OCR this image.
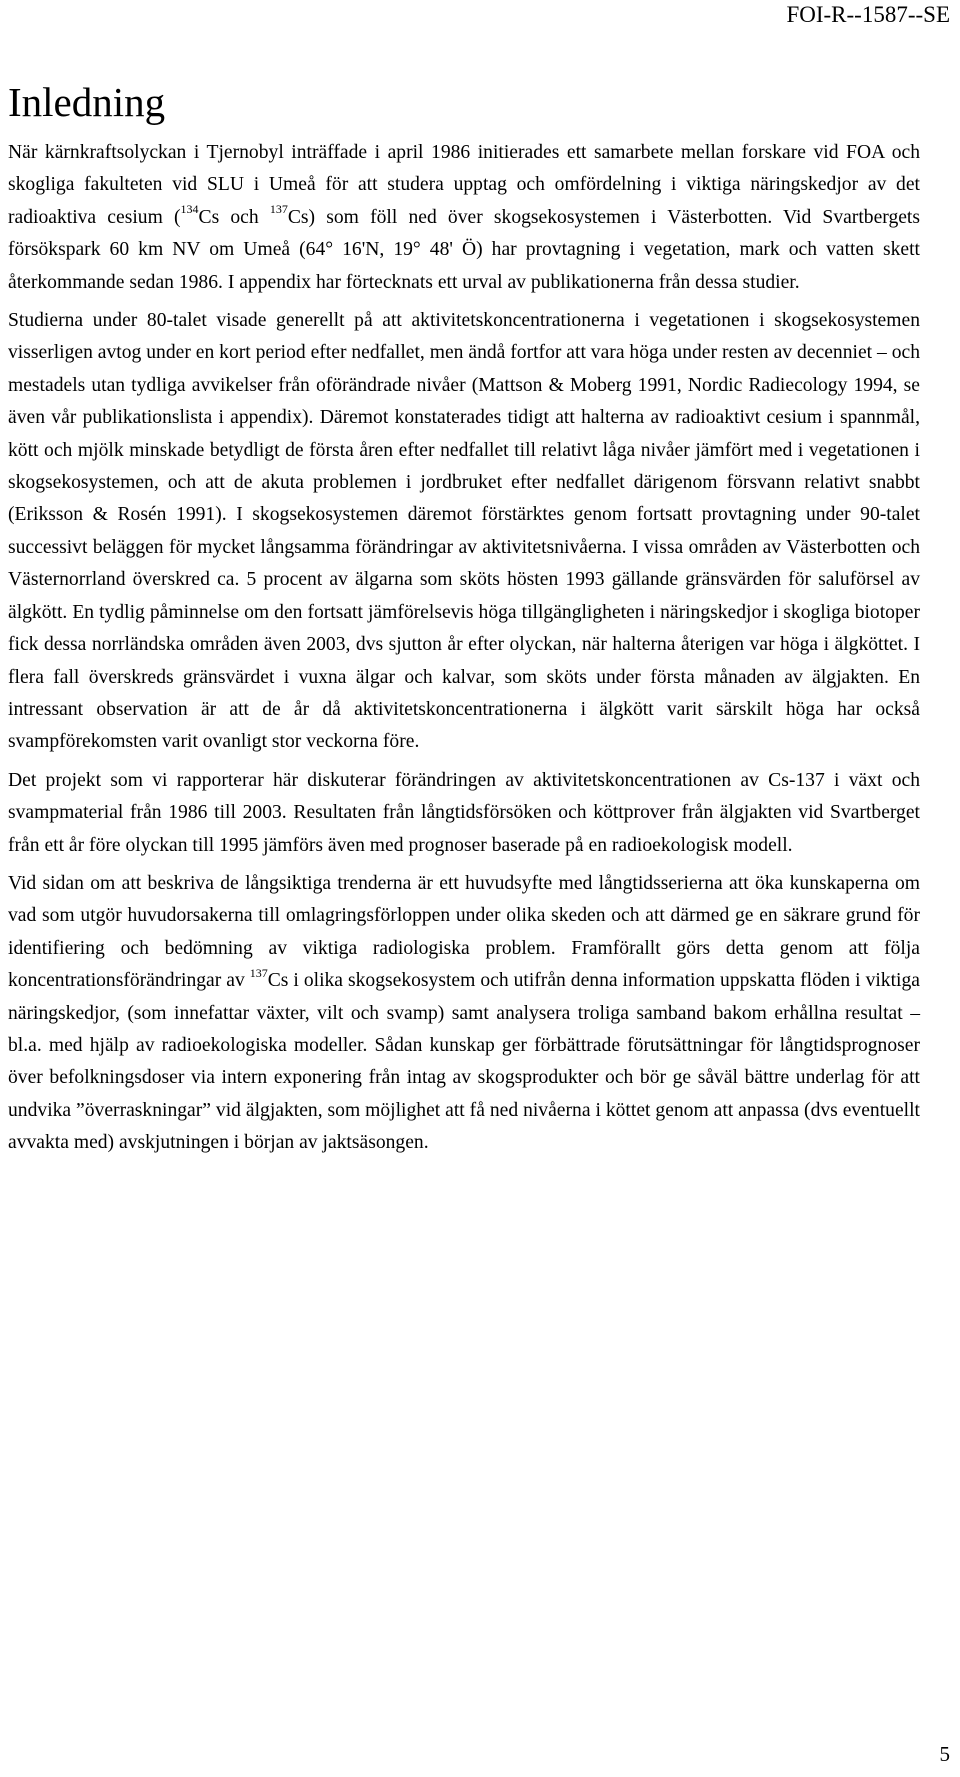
FOI-R--1587--SE
Inledning

När kärnkraftsolyckan i Tjernobyl inträffade i april 1986 initierades ett samarbete mellan forskare vid FOA och skogliga fakulteten vid SLU i Umeå för att studera upptag och omfördelning i viktiga näringskedjor av det radioaktiva cesium ($^{134}$Cs och $^{137}$Cs) som föll ned över skogsekosystemen i Västerbotten. Vid Svartbergets försökspark 60 km NV om Umeå (64° 16'N, 19° 48' Ö) har provtagning i vegetation, mark och vatten skett återkommande sedan 1986. I appendix har förtecknats ett urval av publikationerna från dessa studier.

Studierna under 80-talet visade generellt på att aktivitetskoncentrationerna i vegetationen i skogsekosystemen visserligen avtog under en kort period efter nedfallet, men ändå fortfor att vara höga under resten av decenniet – och mestadels utan tydliga avvikelser från oförändrade nivåer (Mattson & Moberg 1991, Nordic Radiecology 1994, se även vår publikationslista i appendix). Däremot konstaterades tidigt att halterna av radioaktivt cesium i spannmål, kött och mjölk minskade betydligt de första åren efter nedfallet till relativt låga nivåer jämfört med i vegetationen i skogsekosystemen, och att de akuta problemen i jordbruket efter nedfallet därigenom försvann relativt snabbt (Eriksson & Rosén 1991). I skogsekosystemen däremot förstärktes genom fortsatt provtagning under 90-talet successivt beläggen för mycket långsamma förändringar av aktivitetsnivåerna. I vissa områden av Västerbotten och Västernorrland överskred ca. 5 procent av älgarna som sköts hösten 1993 gällande gränsvärden för saluförsel av älgkött. En tydlig påminnelse om den fortsatt jämförelsevis höga tillgängligheten i näringskedjor i skogliga biotoper fick dessa norrländska områden även 2003, dvs sjutton år efter olyckan, när halterna återigen var höga i älgköttet. I flera fall överskreds gränsvärdet i vuxna älgar och kalvar, som sköts under första månaden av älgjakten. En intressant observation är att de år då aktivitetskoncentrationerna i älgkött varit särskilt höga har också svampförekomsten varit ovanligt stor veckorna före.

Det projekt som vi rapporterar här diskuterar förändringen av aktivitetskoncentrationen av Cs-137 i växt och svampmaterial från 1986 till 2003. Resultaten från långtidsförsöken och köttprover från älgjakten vid Svartberget från ett år före olyckan till 1995 jämförs även med prognoser baserade på en radioekologisk modell.

Vid sidan om att beskriva de långsiktiga trenderna är ett huvudsyfte med långtidsserierna att öka kunskaperna om vad som utgör huvudorsakerna till omlagringsförloppen under olika skeden och att därmed ge en säkrare grund för identifiering och bedömning av viktiga radiologiska problem. Framförallt görs detta genom att följa koncentrationsförändringar av $^{137}$Cs i olika skogsekosystem och utifrån denna information uppskatta flöden i viktiga näringskedjor, (som innefattar växter, vilt och svamp) samt analysera troliga samband bakom erhållna resultat – bl.a. med hjälp av radioekologiska modeller. Sådan kunskap ger förbättrade förutsättningar för långtidsprognoser över befolkningsdoser via intern exponering från intag av skogsprodukter och bör ge såväl bättre underlag för att undvika ”överraskningar” vid älgjakten, som möjlighet att få ned nivåerna i köttet genom att anpassa (dvs eventuellt avvakta med) avskjutningen i början av jaktsäsongen.

5
